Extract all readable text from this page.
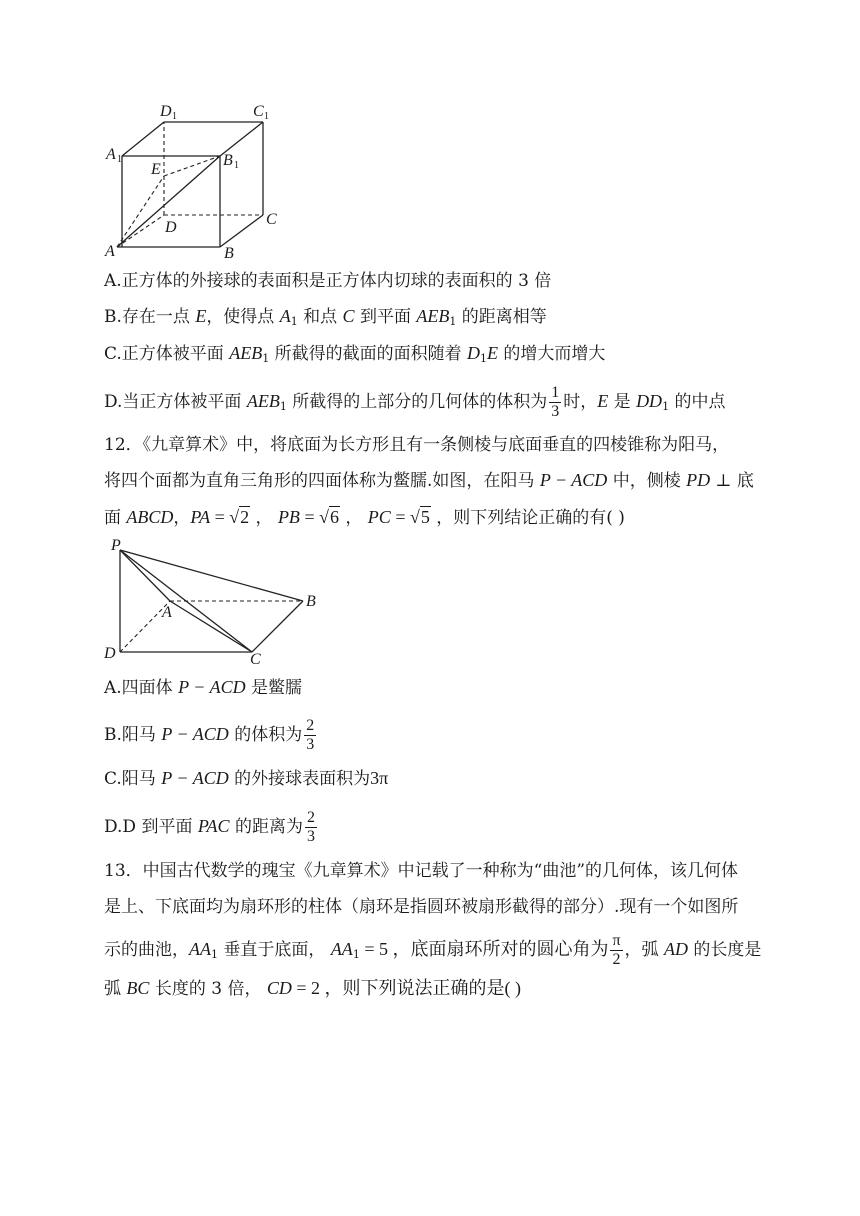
A	B
C
D
E
A 1	B 1
C 1
D 1
A.正方体的外接球的表面积是正方体内切球的表面积的 3 倍
B.存在一点 E，使得点 $A_1$ 和点 C 到平面 $AEB_1$ 的距离相等
C.正方体被平面 $AEB_1$ 所截得的截面的面积随着 $D_1E$ 的增大而增大
D.当正方体被平面 $AEB_1$ 所截得的上部分的几何体的体积为 $\frac{1}{3}$ 时，E 是 $DD_1$ 的中点
12．《九章算术》中，将底面为长方形且有一条侧棱与底面垂直的四棱锥称为阳马，
将四个面都为直角三角形的四面体称为鳖臑.如图，在阳马 P − ACD 中，侧棱 PD ⊥ 底
面 ABCD，PA = √2 ， PB = √6 ， PC = √5 ，则下列结论正确的有( )
P
A
B
C
D
A.四面体 P − ACD 是鳖臑
B.阳马 P − ACD 的体积为 $\frac{2}{3}$
C.阳马 P − ACD 的外接球表面积为3π
D.D 到平面 PAC 的距离为 $\frac{2}{3}$
13．中国古代数学的瑰宝《九章算术》中记载了一种称为“曲池”的几何体，该几何体
是上、下底面均为扇环形的柱体（扇环是指圆环被扇形截得的部分）.现有一个如图所
示的曲池，$AA_1$ 垂直于底面， $AA_1 = 5$ ，底面扇环所对的圆心角为 $\frac{\pi}{2}$ ，弧 AD 的长度是
弧 BC 长度的 3 倍， CD = 2 ，则下列说法正确的是( )
